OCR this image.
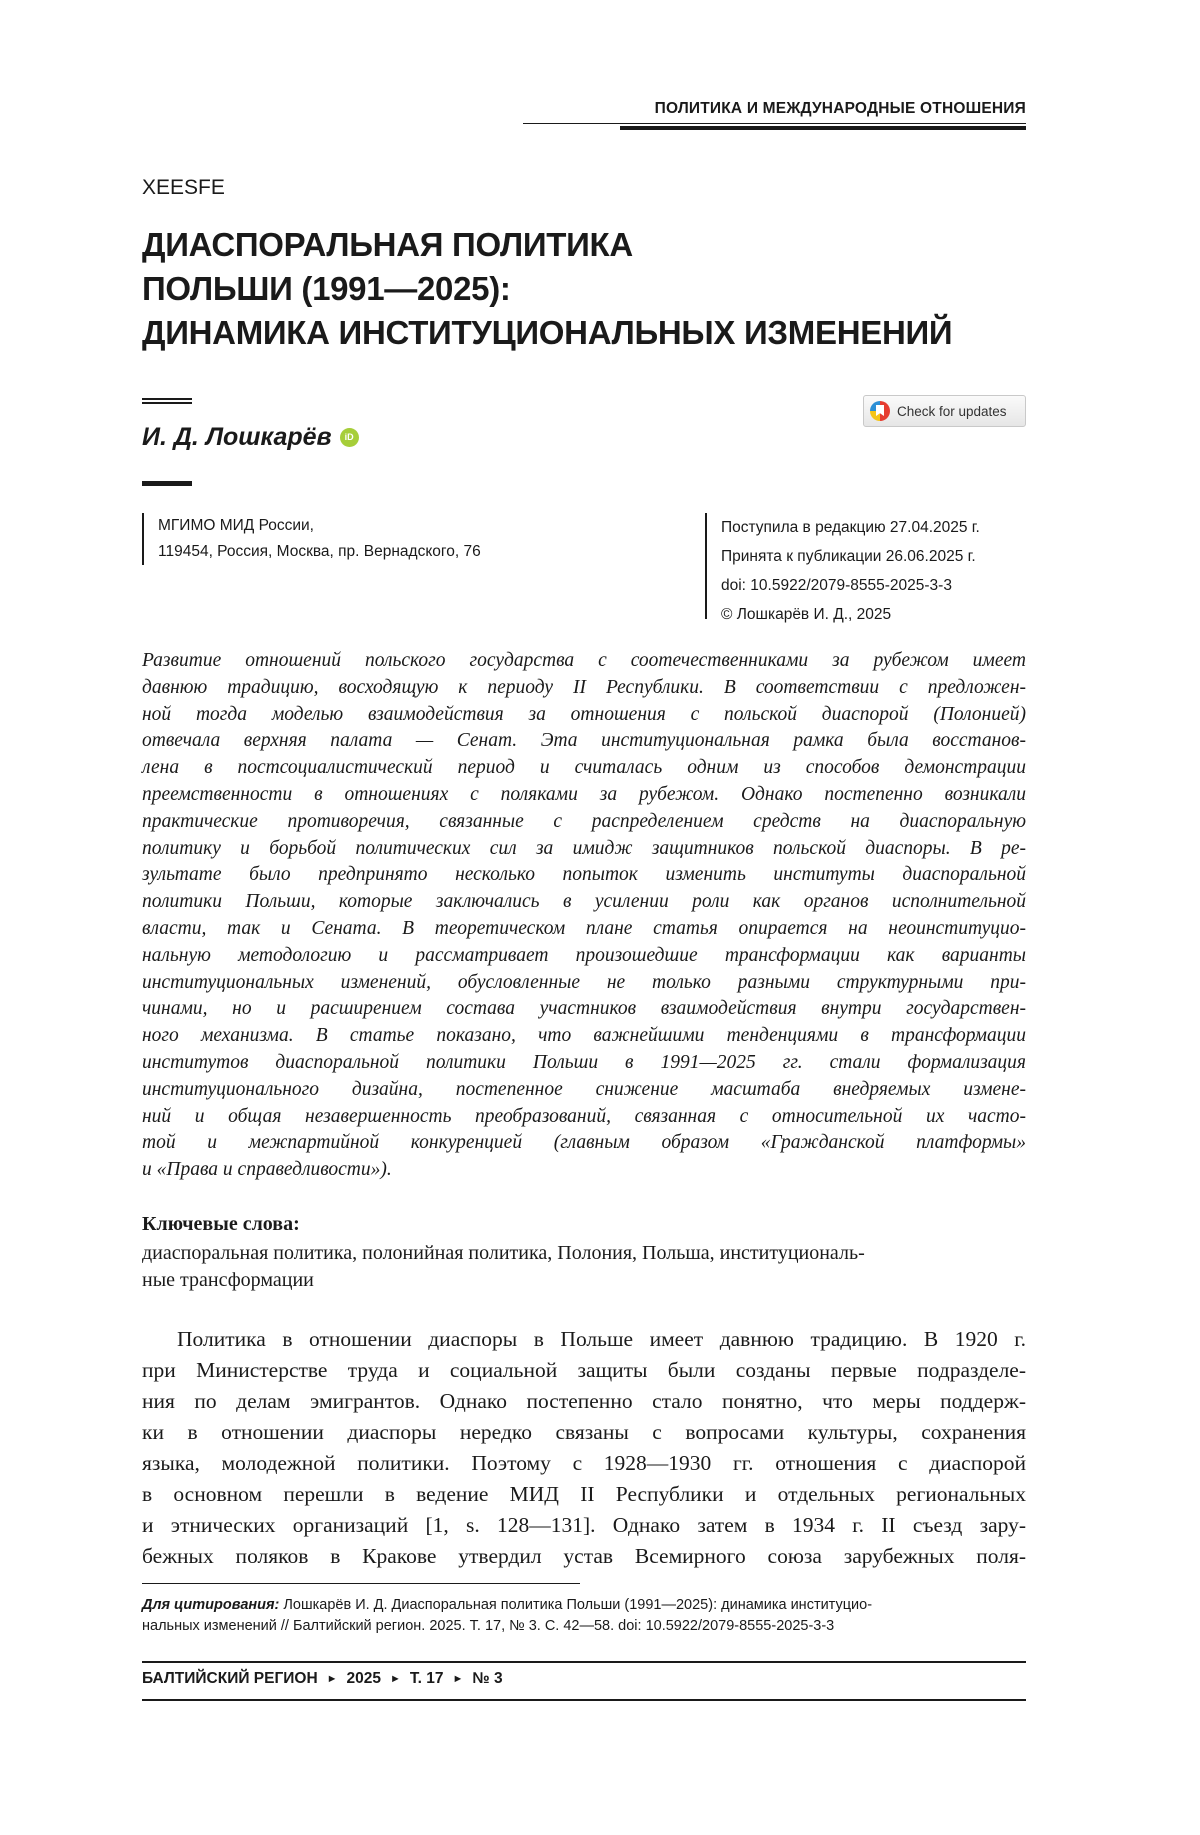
ПОЛИТИКА И МЕЖДУНАРОДНЫЕ ОТНОШЕНИЯ
XEESFE
ДИАСПОРАЛЬНАЯ ПОЛИТИКА
ПОЛЬШИ (1991—2025):
ДИНАМИКА ИНСТИТУЦИОНАЛЬНЫХ ИЗМЕНЕНИЙ
И. Д. Лошкарёв	iD
Check for updates
МГИМО МИД России,
119454, Россия, Москва, пр. Вернадского, 76
Поступила в редакцию 27.04.2025 г.
Принята к публикации 26.06.2025 г.
doi: 10.5922/2079-8555-2025-3-3
© Лошкарёв И. Д., 2025
Развитие отношений польского государства с соотечественниками за рубежом имеет
давнюю традицию, восходящую к периоду II Республики. В соответствии с предложен-
ной тогда моделью взаимодействия за отношения с польской диаспорой (Полонией)
отвечала верхняя палата — Сенат. Эта институциональная рамка была восстанов-
лена в постсоциалистический период и считалась одним из способов демонстрации
преемственности в отношениях с поляками за рубежом. Однако постепенно возникали
практические противоречия, связанные с распределением средств на диаспоральную
политику и борьбой политических сил за имидж защитников польской диаспоры. В ре-
зультате было предпринято несколько попыток изменить институты диаспоральной
политики Польши, которые заключались в усилении роли как органов исполнительной
власти, так и Сената. В теоретическом плане статья опирается на неоинституцио-
нальную методологию и рассматривает произошедшие трансформации как варианты
институциональных изменений, обусловленные не только разными структурными при-
чинами, но и расширением состава участников взаимодействия внутри государствен-
ного механизма. В статье показано, что важнейшими тенденциями в трансформации
институтов диаспоральной политики Польши в 1991—2025 гг. стали формализация
институционального дизайна, постепенное снижение масштаба внедряемых измене-
ний и общая незавершенность преобразований, связанная с относительной их часто-
той и межпартийной конкуренцией (главным образом «Гражданской платформы»
и «Права и справедливости»).
Ключевые слова:
диаспоральная политика, полонийная политика, Полония, Польша, институциональ-
ные трансформации
Политика в отношении диаспоры в Польше имеет давнюю традицию. В 1920 г.
при Министерстве труда и социальной защиты были созданы первые подразделе-
ния по делам эмигрантов. Однако постепенно стало понятно, что меры поддерж-
ки в отношении диаспоры нередко связаны с вопросами культуры, сохранения
языка, молодежной политики. Поэтому с 1928—1930 гг. отношения с диаспорой
в основном перешли в ведение МИД II Республики и отдельных региональных
и этнических организаций [1, s. 128—131]. Однако затем в 1934 г. II съезд зару-
бежных поляков в Кракове утвердил устав Всемирного союза зарубежных поля-
Для цитирования: Лошкарёв И. Д. Диаспоральная политика Польши (1991—2025): динамика институцио-
нальных изменений // Балтийский регион. 2025. Т. 17, № 3. С. 42—58. doi: 10.5922/2079-8555-2025-3-3
БАЛТИЙСКИЙ РЕГИОН ► 2025 ► Т. 17 ► № 3
